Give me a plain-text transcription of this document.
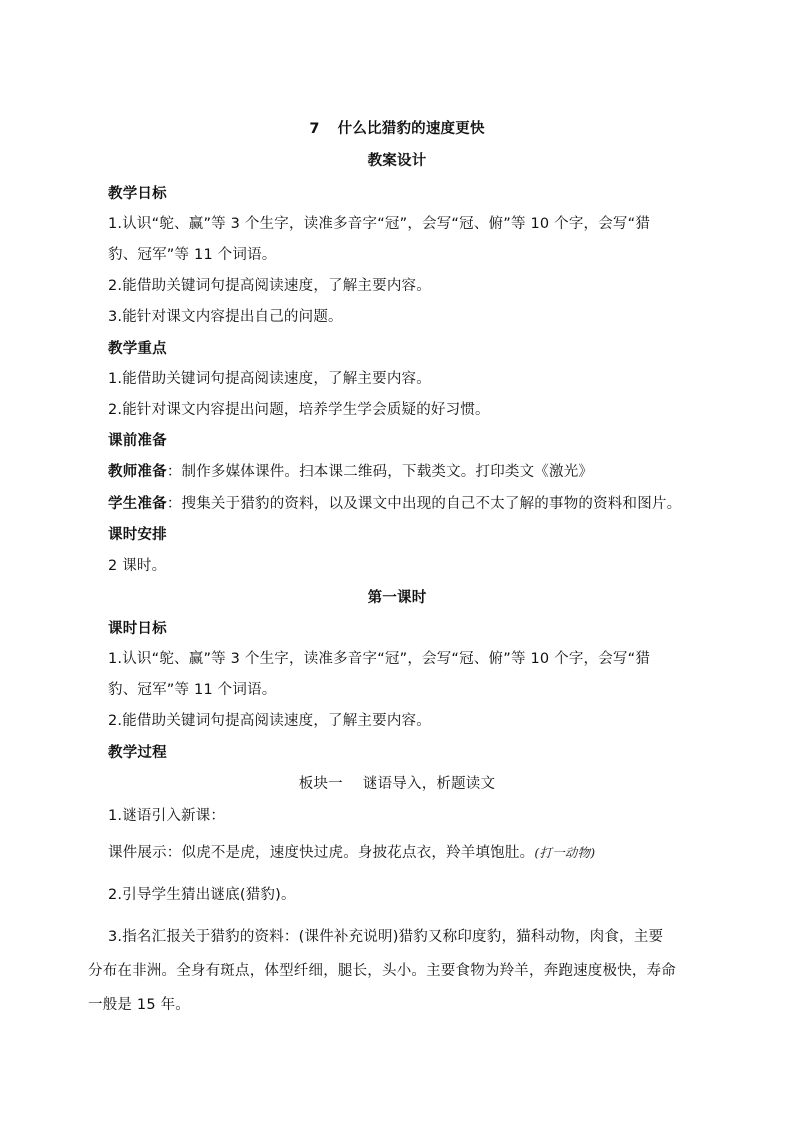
7 什么比猎豹的速度更快
教案设计
教学日标
1.认识“鸵、赢”等 3 个生字，读准多音字“冠”，会写“冠、俯”等 10 个字，会写“猎
豹、冠军”等 11 个词语。
2.能借助关键词句提高阅读速度，了解主要内容。
3.能针对课文内容提出自己的问题。
教学重点
1.能借助关键词句提高阅读速度，了解主要内容。
2.能针对课文内容提出问题，培养学生学会质疑的好习惯。
课前准备
教师准备：制作多媒体课件。扫本课二维码，下载类文。打印类文《激光》
学生准备：搜集关于猎豹的资料，以及课文中出现的自己不太了解的事物的资料和图片。
课时安排
2 课时。
第一课时
课时日标
1.认识“鸵、赢”等 3 个生字，读准多音字“冠”，会写“冠、俯”等 10 个字，会写“猎
豹、冠军”等 11 个词语。
2.能借助关键词句提高阅读速度，了解主要内容。
教学过程
板块一 谜语导入，析题读文
1.谜语引入新课：
课件展示：似虎不是虎，速度快过虎。身披花点衣，羚羊填饱肚。(打一动物)
2.引导学生猜出谜底(猎豹)。
3.指名汇报关于猎豹的资料：(课件补充说明)猎豹又称印度豹，猫科动物，肉食，主要
分布在非洲。全身有斑点，体型纤细，腿长，头小。主要食物为羚羊，奔跑速度极快，寿命
一般是 15 年。
